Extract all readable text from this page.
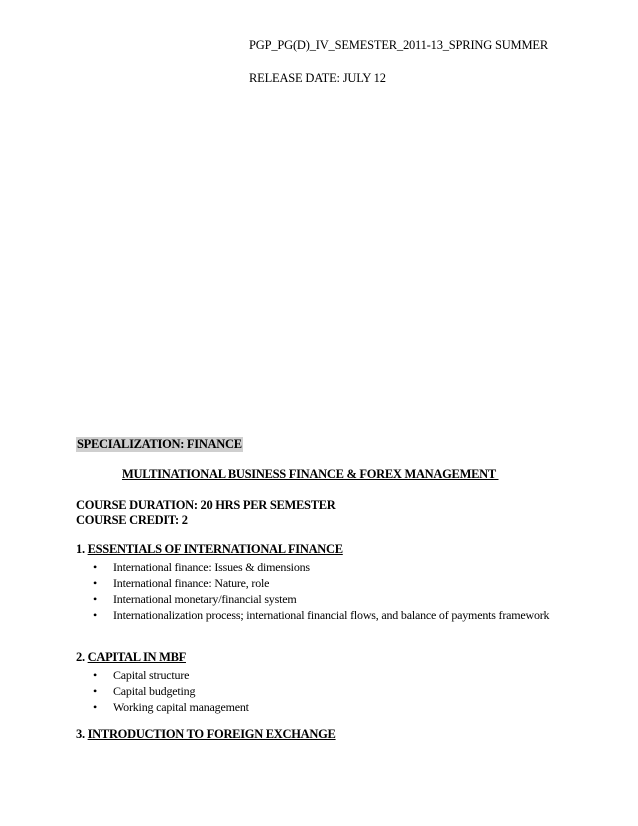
PGP_PG(D)_IV_SEMESTER_2011-13_SPRING SUMMER
RELEASE DATE: JULY 12
SPECIALIZATION: FINANCE
MULTINATIONAL BUSINESS FINANCE & FOREX MANAGEMENT
COURSE DURATION: 20 HRS PER SEMESTER
COURSE CREDIT: 2
1. ESSENTIALS OF INTERNATIONAL FINANCE
• International finance: Issues & dimensions
• International finance: Nature, role
• International monetary/financial system
• Internationalization process; international financial flows, and balance of payments framework
2. CAPITAL IN MBF
• Capital structure
• Capital budgeting
• Working capital management
3. INTRODUCTION TO FOREIGN EXCHANGE
